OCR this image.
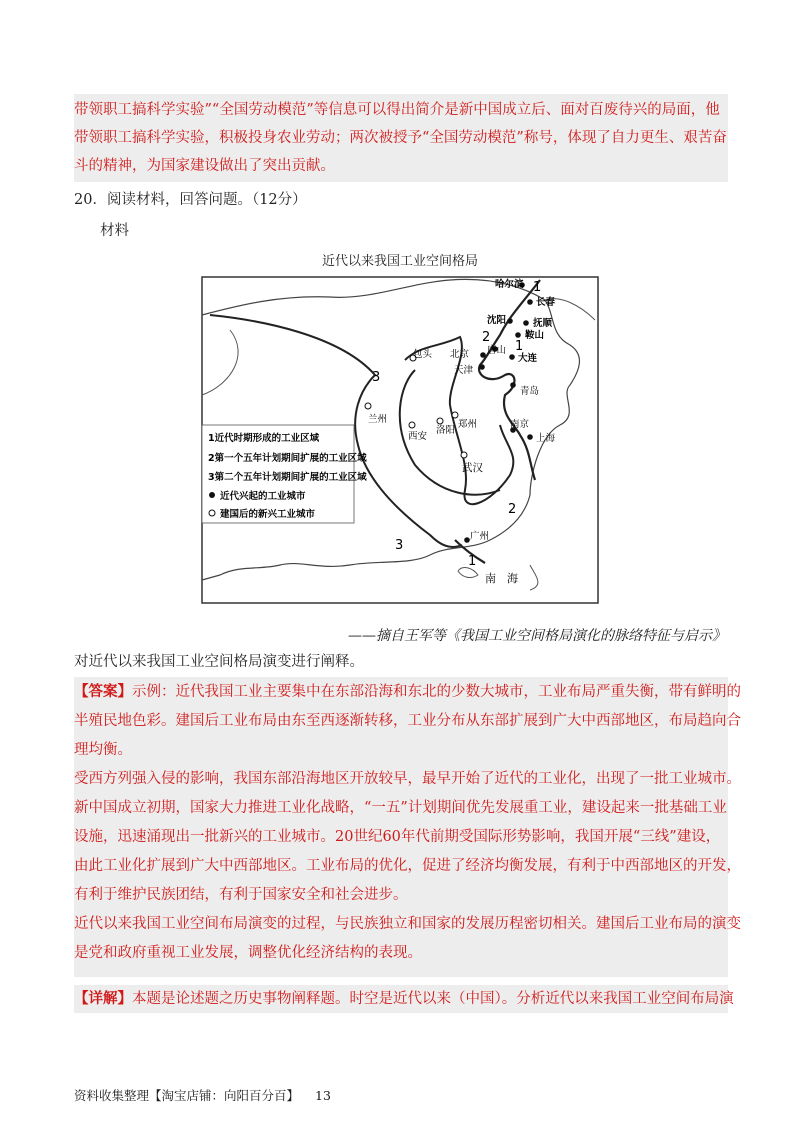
带领职工搞科学实验”“全国劳动模范”等信息可以得出简介是新中国成立后、面对百废待兴的局面，他
带领职工搞科学实验，积极投身农业劳动；两次被授予“全国劳动模范”称号，体现了自力更生、艰苦奋
斗的精神，为国家建设做出了突出贡献。
20．阅读材料，回答问题。（12分）
材料
近代以来我国工业空间格局
1近代时期形成的工业区域
2第一个五年计划期间扩展的工业区域
3第二个五年计划期间扩展的工业区域
近代兴起的工业城市
建国后的新兴工业城市
1
1
1
2
2
3
3
哈尔滨
长春
沈阳	抚顺
鞍山
北京 唐山
天津
大连
青岛
上海
南京
广州
包头
兰州
西安
洛阳
郑州
武汉
南　海
——摘自王军等《我国工业空间格局演化的脉络特征与启示》
对近代以来我国工业空间格局演变进行阐释。
【答案】示例：近代我国工业主要集中在东部沿海和东北的少数大城市，工业布局严重失衡，带有鲜明的
半殖民地色彩。建国后工业布局由东至西逐渐转移，工业分布从东部扩展到广大中西部地区，布局趋向合
理均衡。
受西方列强入侵的影响，我国东部沿海地区开放较早，最早开始了近代的工业化，出现了一批工业城市。
新中国成立初期，国家大力推进工业化战略，“一五”计划期间优先发展重工业，建设起来一批基础工业
设施，迅速涌现出一批新兴的工业城市。20世纪60年代前期受国际形势影响，我国开展“三线”建设，
由此工业化扩展到广大中西部地区。工业布局的优化，促进了经济均衡发展，有利于中西部地区的开发，
有利于维护民族团结，有利于国家安全和社会进步。
近代以来我国工业空间布局演变的过程，与民族独立和国家的发展历程密切相关。建国后工业布局的演变
是党和政府重视工业发展，调整优化经济结构的表现。
【详解】本题是论述题之历史事物阐释题。时空是近代以来（中国）。分析近代以来我国工业空间布局演
资料收集整理【淘宝店铺：向阳百分百】 13
